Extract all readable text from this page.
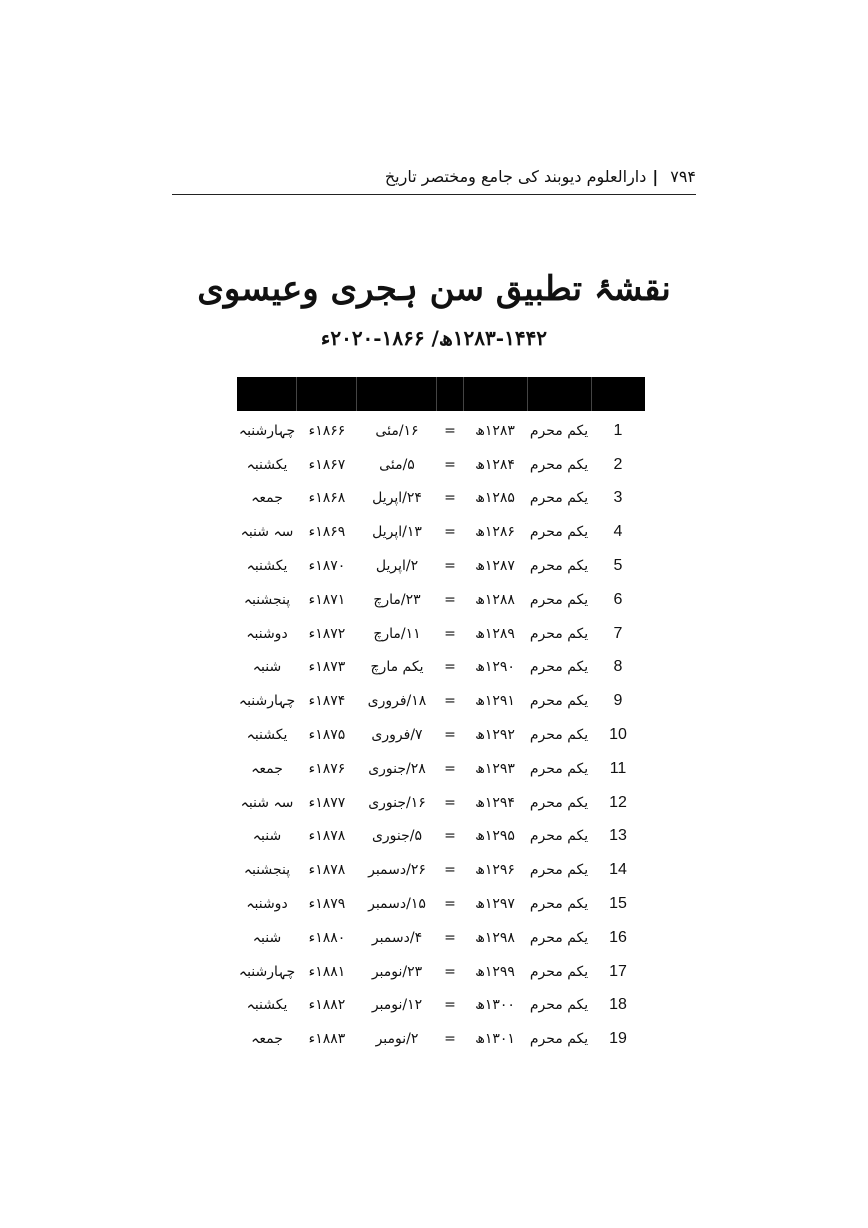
۷۹۴
|
دارالعلوم دیوبند کی جامع ومختصر تاریخ
نقشۂ تطبیق سن ہجری وعیسوی
۱۲۸۳-۱۴۴۲ھ/ ۱۸۶۶-۲۰۲۰ء
چہارشنبہ ۱۸۶۶ء	۱۶/مئی	=	۱۲۸۳ھ	یکم محرم	1
یکشنبہ	۱۸۶۷ء	۵/مئی	=	۱۲۸۴ھ	یکم محرم	2
جمعہ	۱۸۶۸ء	۲۴/اپریل	=	۱۲۸۵ھ	یکم محرم	3
سہ شنبہ	۱۸۶۹ء	۱۳/اپریل	=	۱۲۸۶ھ	یکم محرم	4
یکشنبہ	۱۸۷۰ء	۲/اپریل	=	۱۲۸۷ھ	یکم محرم	5
پنجشنبہ	۱۸۷۱ء	۲۳/مارچ	=	۱۲۸۸ھ	یکم محرم	6
دوشنبہ	۱۸۷۲ء	۱۱/مارچ	=	۱۲۸۹ھ	یکم محرم	7
شنبہ	۱۸۷۳ء	یکم مارچ	=	۱۲۹۰ھ	یکم محرم	8
چہارشنبہ ۱۸۷۴ء	۱۸/فروری	=	۱۲۹۱ھ	یکم محرم	9
یکشنبہ	۱۸۷۵ء	۷/فروری	=	۱۲۹۲ھ	یکم محرم	10
جمعہ	۱۸۷۶ء	۲۸/جنوری	=	۱۲۹۳ھ	یکم محرم	11
سہ شنبہ	۱۸۷۷ء	۱۶/جنوری	=	۱۲۹۴ھ	یکم محرم	12
شنبہ	۱۸۷۸ء	۵/جنوری	=	۱۲۹۵ھ	یکم محرم	13
پنجشنبہ	۱۸۷۸ء	۲۶/دسمبر	=	۱۲۹۶ھ	یکم محرم	14
دوشنبہ	۱۸۷۹ء	۱۵/دسمبر	=	۱۲۹۷ھ	یکم محرم	15
شنبہ	۱۸۸۰ء	۴/دسمبر	=	۱۲۹۸ھ	یکم محرم	16
چہارشنبہ ۱۸۸۱ء	۲۳/نومبر	=	۱۲۹۹ھ	یکم محرم	17
یکشنبہ	۱۸۸۲ء	۱۲/نومبر	=	۱۳۰۰ھ	یکم محرم	18
جمعہ	۱۸۸۳ء	۲/نومبر	=	۱۳۰۱ھ	یکم محرم	19
